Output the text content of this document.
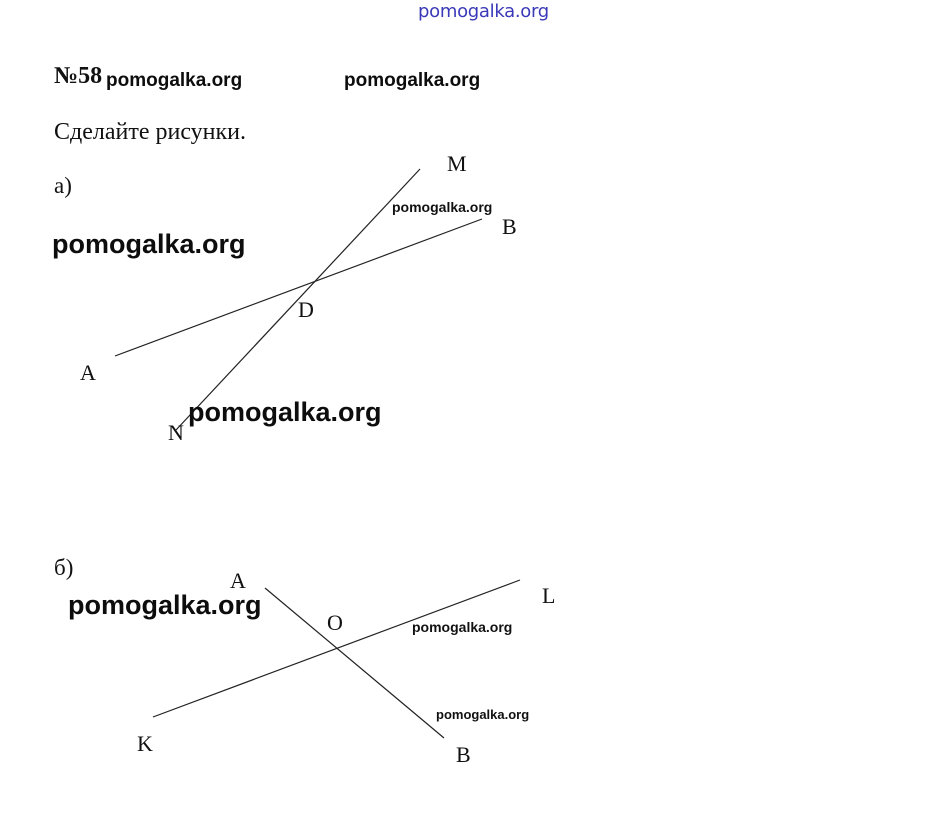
pomogalka.org
№58 pomogalka.org	pomogalka.org
Сделайте рисунки.
а)
M
B
D
A
N
pomogalka.org
pomogalka.org
pomogalka.org
б)
A
L
O
K	B
pomogalka.org
pomogalka.org
pomogalka.org
